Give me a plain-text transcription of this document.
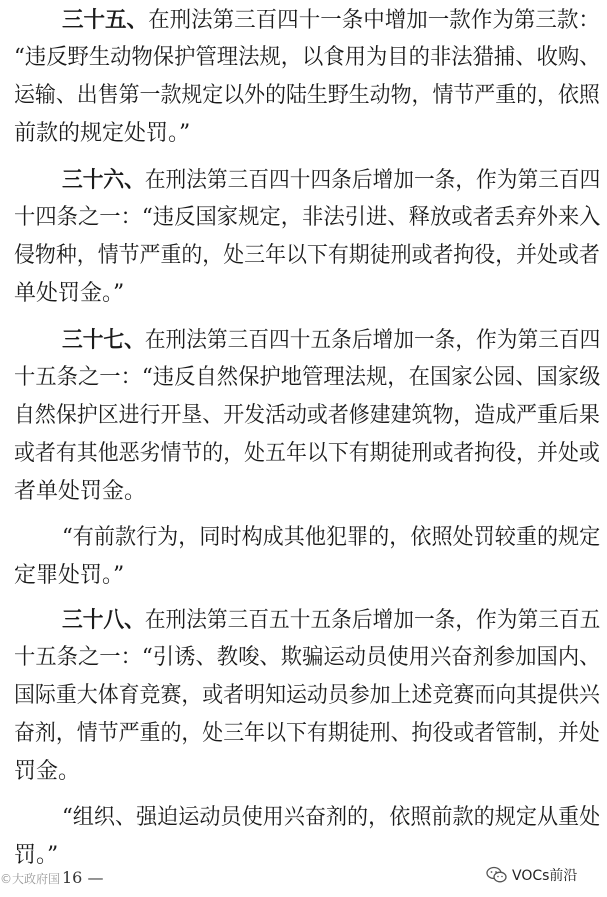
三十五、在刑法第三百四十一条中增加一款作为第三款：
“违反野生动物保护管理法规，以食用为目的非法猎捕、收购、
运输、出售第一款规定以外的陆生野生动物，情节严重的，依照
前款的规定处罚。”
三十六、在刑法第三百四十四条后增加一条，作为第三百四
十四条之一：“违反国家规定，非法引进、释放或者丢弃外来入
侵物种，情节严重的，处三年以下有期徒刑或者拘役，并处或者
单处罚金。”
三十七、在刑法第三百四十五条后增加一条，作为第三百四
十五条之一：“违反自然保护地管理法规，在国家公园、国家级
自然保护区进行开垦、开发活动或者修建建筑物，造成严重后果
或者有其他恶劣情节的，处五年以下有期徒刑或者拘役，并处或
者单处罚金。
“有前款行为，同时构成其他犯罪的，依照处罚较重的规定
定罪处罚。”
三十八、在刑法第三百五十五条后增加一条，作为第三百五
十五条之一：“引诱、教唆、欺骗运动员使用兴奋剂参加国内、
国际重大体育竞赛，或者明知运动员参加上述竞赛而向其提供兴
奋剂，情节严重的，处三年以下有期徒刑、拘役或者管制，并处
罚金。
“组织、强迫运动员使用兴奋剂的，依照前款的规定从重处
罚。”
©大政府国 16 —	VOCs前沿
